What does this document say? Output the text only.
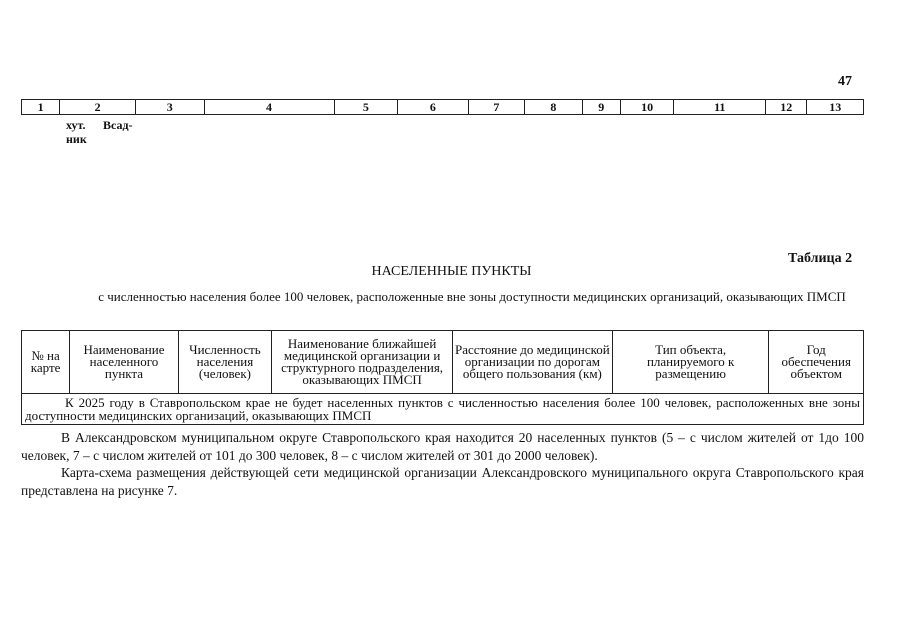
47
1	2	3	4	5	6	7	8	9	10	11	12	13
хут. Всад-
ник
Таблица 2
НАСЕЛЕННЫЕ ПУНКТЫ
с численностью населения более 100 человек, расположенные вне зоны доступности медицинских организаций, оказывающих ПМСП
№ на карте	Наименование населенного пункта	Численность населения (человек)	Наименование ближайшей медицинской организации и структурного подразделения, оказывающих ПМСП	Расстояние до медицинской организации по дорогам общего пользования (км)	Тип объекта, планируемого к размещению	Год обеспечения объектом
К 2025 году в Ставропольском крае не будет населенных пунктов с численностью населения более 100 человек, расположенных вне зоны доступности медицинских организаций, оказывающих ПМСП
В Александровском муниципальном округе Ставропольского края находится 20 населенных пунктов (5 – с числом жителей от 1до 100 человек, 7 – с числом жителей от 101 до 300 человек, 8 – с числом жителей от 301 до 2000 человек).
Карта-схема размещения действующей сети медицинской организации Александровского муниципального округа Ставропольского края представлена на рисунке 7.
